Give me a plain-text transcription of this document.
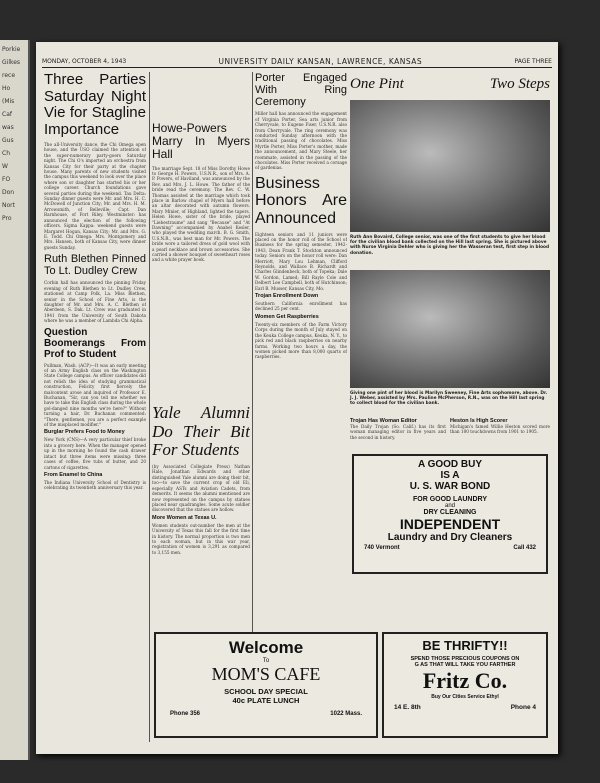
Porkie
Gilkes
rece
Ho
(Mis
Caf
was
Gus
Ch
W
FO
Don
Nort
Pro
MONDAY, OCTOBER 4, 1943	UNIVERSITY DAILY KANSAN, LAWRENCE, KANSAS	PAGE THREE
Three Parties Saturday Night Vie for Stagline Importance

The all-University dance, the Chi Omega open house, and the USO claimed the attention of the super-numerary party-goers Saturday night. The Chi O's imported an orchestra from Kansas City for their party at the chapter house. Many parents of new students visited the campus this weekend to look over the place where son or daughter has started his or her college career. Church foundations gave several parties during the weekend. Tau Delta: Sunday dinner guests were Mr. and Mrs. H. C. McDowell of Junction City; Mr. and Mrs. H. M. Arrowsmith, of Belleville; Capt. Dan Barnhouse, of Fort Riley. Westminster: has announced the election of the following officers. Sigma Kappa: weekend guests were Margaret Hogan, Kansas City; Mr. and Mrs. G. E. Todd. Chi Omega: Mrs. Montgomery and Mrs. Hansen, both of Kansas City, were dinner guests Sunday.

Ruth Blethen Pinned To Lt. Dudley Crew

Corbin hall has announced the pinning Friday evening of Ruth Blethen to Lt. Dudley Crew, stationed at Camp Polk, La. Miss Blethen, senior in the School of Fine Arts, is the daughter of Mr. and Mrs. A. C. Blethen of Aberdeen, S. Dak. Lt. Crew was graduated in 1941 from the University of South Dakota where he was a member of Lambda Chi Alpha.

Question Boomerangs From Prof to Student

Pullman, Wash. (ACP)—It was an early meeting of an Army English class on the Washington State College campus. As officer candidates did not relish the idea of studying grammatical construction, Felicity first fiercely the malcontent arose and inquired of Professor E. Buchanan, "Sir, can you tell me whether we have to take this English class during the whole gol-danged nine months we're here?" Without turning a hair, Dr. Buchanan commented: "There, gentlemen, you are a perfect example of the misplaced modifier."

Burglar Prefers Food to Money

New York (CNS)—A very particular thief broke into a grocery here. When the manager opened up in the morning he found the cash drawer intact but three items were missing: three cases of coffee, five tubs of butter, and 20 cartons of cigarettes.

From Enamel to China

The Indiana University School of Dentistry is celebrating its twentieth anniversary this year.

Howe-Powers Marry In Myers Hall

The marriage Sept. 18 of Miss Dorothy Howe to George H. Powers, U.S.N.R., son of Mrs. A. P. Powers, of Haviland, was announced by the Rev. and Mrs. J. L. Howe. The father of the bride read the ceremony. The Rev. C. W. Thomas assisted at the marriage which took place in Barlow chapel of Myers hall before an altar decorated with autumn flowers. Mary Minier, of Highland, lighted the tapers. Helen Howe, sister of the bride, played "Liebestraume" and sang "Because" and "At Dawning" accompanied by Anabel Kesler, who played the wedding march. B. G. Smith, U.S.N.R., was best man for Mr. Powers. The bride wore a tailored dress of gold wool with a pearl necklace and brown accessories. She carried a shower bouquet of sweetheart roses and a white prayer book.

Yale Alumni Do Their Bit For Students

(by Associated Collegiate Press) Nathan Hale, Jonathan Edwards and other distinguished Yale alumni are doing their bit, too—to save the current crop of old Eli, especially ASTs and Aviation Cadets, from demerits. It seems the alumni mentioned are now represented on the campus by statues placed near quadrangles. Some acute soldier discovered that the statues are hollow.

More Women at Texas U.

Women students out-number the men at the University of Texas this fall for the first time in history. The normal proportion is two men to each woman, but in this war year, registration of women is 3,291 as compared to 3,155 men.

Porter Engaged With Ring Ceremony

Miller hall has announced the engagement of Virginia Porter, Sea arts junior from Cherryvale, to Eugene Fiser, U.S.N.R. also from Cherryvale. The ring ceremony was conducted Sunday afternoon with the traditional passing of chocolates. Miss Myrtle Porter, Miss Porter's mother, made the announcement, and Mary Steele, her roommate, assisted in the passing of the chocolates. Miss Porter received a corsage of gardenias.

Business Honors Are Announced

Eighteen seniors and 11 juniors were placed on the honor roll of the School of Business for the spring semester, 1942-1943, Dean Frank T. Stockton announced today. Seniors on the honor roll were: Dan Merriott, Mary Lou Lehman, Clifford Reynolds, and Wallace B. Richardt and Charles Glindenbeck, both of Topeka; Dale W. Gordon, Lamed; Bill Rayle Cole and Delbert Lee Campbell, both of Hutchinson; Earl B. Musser, Kansas City, Mo.

Trojan Enrollment Down

Southern California enrollment has declined 25 per cent.

Women Get Raspberries

Twenty-six members of the Farm Victory Corps during the month of July stayed on the Keuka College campus, Keuka, N. Y., to pick red and black raspberries on nearby farms. Working two hours a day, the women picked more than 8,000 quarts of raspberries.

One Pint	Two Steps
Ruth Ann Bovaird, College senior, was one of the first students to give her blood for the civilian blood bank collected on the Hill last spring. She is pictured above with Nurse Virginia Dehler who is giving her the Wasseran test, first step in blood donation.
Giving one pint of her blood is Marilyn Sweeney, Fine Arts sophomore, above. Dr. J. J. Weber, assisted by Mrs. Pauline McPherson, R.N., was on the Hill last spring to collect blood for the civilian bank.
Trojan Has Woman Editor

The Daily Trojan (So. Calif.) has its first woman managing editor in five years and the second in history.

Heston Is High Scorer

Michigan's famed Willie Heston scored more than 100 touchdowns from 1901 to 1905.

A GOOD BUY
IS A
U. S. WAR BOND
FOR GOOD LAUNDRY
and
DRY CLEANING
INDEPENDENT
Laundry and Dry Cleaners
740 Vermont	Call 432
Welcome
To
MOM'S CAFE
SCHOOL DAY SPECIAL
40c PLATE LUNCH
Phone 356	1022 Mass.
BE THRIFTY!!
SPEND THOSE PRECIOUS COUPONS ON
G AS THAT WILL TAKE YOU FARTHER
Fritz Co.
Buy Our Cities Service Ethyl
14 E. 8th	Phone 4
